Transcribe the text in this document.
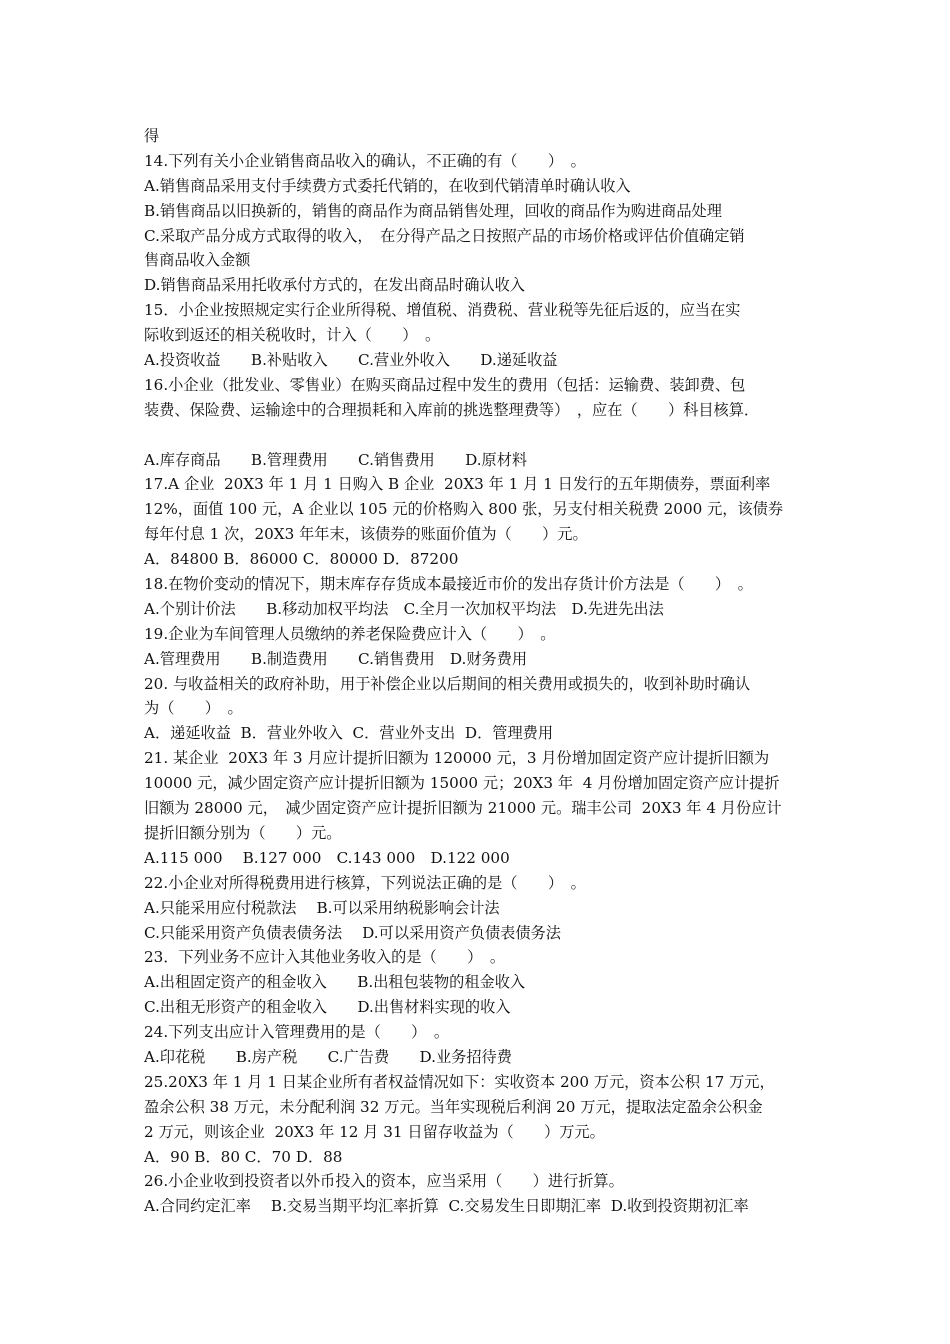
得
14.下列有关小企业销售商品收入的确认，不正确的有（　　）　。
A.销售商品采用支付手续费方式委托代销的，在收到代销清单时确认收入
B.销售商品以旧换新的，销售的商品作为商品销售处理，回收的商品作为购进商品处理
C.采取产品分成方式取得的收入，　在分得产品之日按照产品的市场价格或评估价值确定销
售商品收入金额
D.销售商品采用托收承付方式的，在发出商品时确认收入
15．小企业按照规定实行企业所得税、增值税、消费税、营业税等先征后返的，应当在实
际收到返还的相关税收时，计入（　　）　。
A.投资收益　　B.补贴收入　　C.营业外收入　　D.递延收益
16.小企业（批发业、零售业）在购买商品过程中发生的费用（包括：运输费、装卸费、包
装费、保险费、运输途中的合理损耗和入库前的挑选整理费等）　，应在（　　）科目核算．
A.库存商品　　B.管理费用　　C.销售费用　　D.原材料
17.A 企业  20X3 年 1 月 1 日购入 B 企业  20X3 年 1 月 1 日发行的五年期债券，票面利率
12%，面值 100 元，A 企业以 105 元的价格购入 800 张，另支付相关税费 2000 元，该债券
每年付息 1 次，20X3 年年末，该债券的账面价值为（　　）元。
A．84800 B．86000 C．80000 D．87200
18.在物价变动的情况下，期末库存存货成本最接近市价的发出存货计价方法是（　　）　。
A.个别计价法　　B.移动加权平均法　C.全月一次加权平均法　D.先进先出法
19.企业为车间管理人员缴纳的养老保险费应计入（　　）　。
A.管理费用　　B.制造费用　　C.销售费用　D.财务费用
20. 与收益相关的政府补助，用于补偿企业以后期间的相关费用或损失的，收到补助时确认
为（　　）　。
A．递延收益  B．营业外收入  C．营业外支出  D．管理费用
21. 某企业  20X3 年 3 月应计提折旧额为 120000 元，3 月份增加固定资产应计提折旧额为
10000 元，减少固定资产应计提折旧额为 15000 元；20X3 年  4 月份增加固定资产应计提折
旧额为 28000 元，　减少固定资产应计提折旧额为 21000 元。瑞丰公司  20X3 年 4 月份应计
提折旧额分别为（　　）元。
A.115 000　 B.127 000　C.143 000　D.122 000
22.小企业对所得税费用进行核算，下列说法正确的是（　　）　。
A.只能采用应付税款法　 B.可以采用纳税影响会计法
C.只能采用资产负债表债务法　 D.可以采用资产负债表债务法
23．下列业务不应计入其他业务收入的是（　　）　。
A.出租固定资产的租金收入　　B.出租包装物的租金收入
C.出租无形资产的租金收入　　D.出售材料实现的收入
24.下列支出应计入管理费用的是（　　）　。
A.印花税　　B.房产税　　C.广告费　　D.业务招待费
25.20X3 年 1 月 1 日某企业所有者权益情况如下：实收资本 200 万元，资本公积 17 万元，
盈余公积 38 万元，未分配利润 32 万元。当年实现税后利润 20 万元，提取法定盈余公积金
2 万元，则该企业  20X3 年 12 月 31 日留存收益为（　　）万元。
A．90 B．80 C．70 D．88
26.小企业收到投资者以外币投入的资本，应当采用（　　）进行折算。
A.合同约定汇率　 B.交易当期平均汇率折算  C.交易发生日即期汇率  D.收到投资期初汇率
